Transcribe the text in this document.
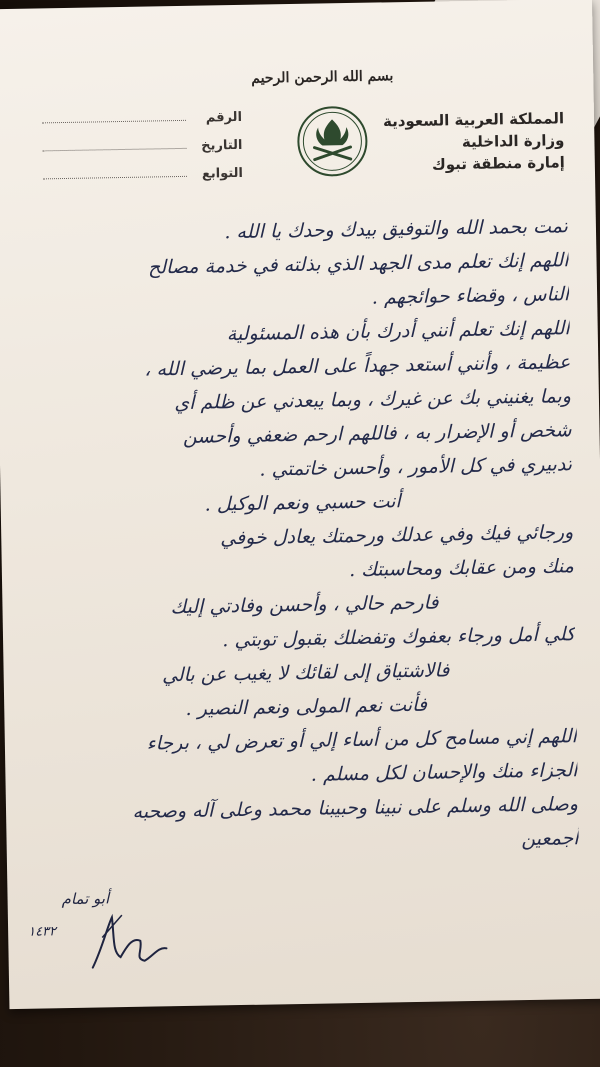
بسم الله الرحمن الرحيم
المملكة العربية السعودية
وزارة الداخلية
إمارة منطقة تبوك
الرقم
التاريخ
التوابع
تمت بحمد الله والتوفيق بيدك وحدك يا الله .
اللهم إنك تعلم مدى الجهد الذي بذلته في خدمة مصالح
الناس ، وقضاء حوائجهم .
اللهم إنك تعلم أنني أدرك بأن هذه المسئولية
عظيمة ، وأنني أستعد جهداً على العمل بما يرضي الله ،
وبما يغنيني بك عن غيرك ، وبما يبعدني عن ظلم أي
شخص أو الإضرار به ، فاللهم ارحم ضعفي وأحسن
تدبيري في كل الأمور ، وأحسن خاتمتي .
أنت حسبي ونعم الوكيل .
ورجائي فيك وفي عدلك ورحمتك يعادل خوفي
منك ومن عقابك ومحاسبتك .
فارحم حالي ، وأحسن وفادتي إليك
كلي أمل ورجاء بعفوك وتفضلك بقبول توبتي .
فالاشتياق إلى لقائك لا يغيب عن بالي
فأنت نعم المولى ونعم النصير .
اللهم إني مسامح كل من أساء إلي أو تعرض لي ، برجاء
الجزاء منك والإحسان لكل مسلم .
وصلى الله وسلم على نبينا وحبيبنا محمد وعلى آله وصحبه
أجمعين
أبو تمام
١٤٣٢
